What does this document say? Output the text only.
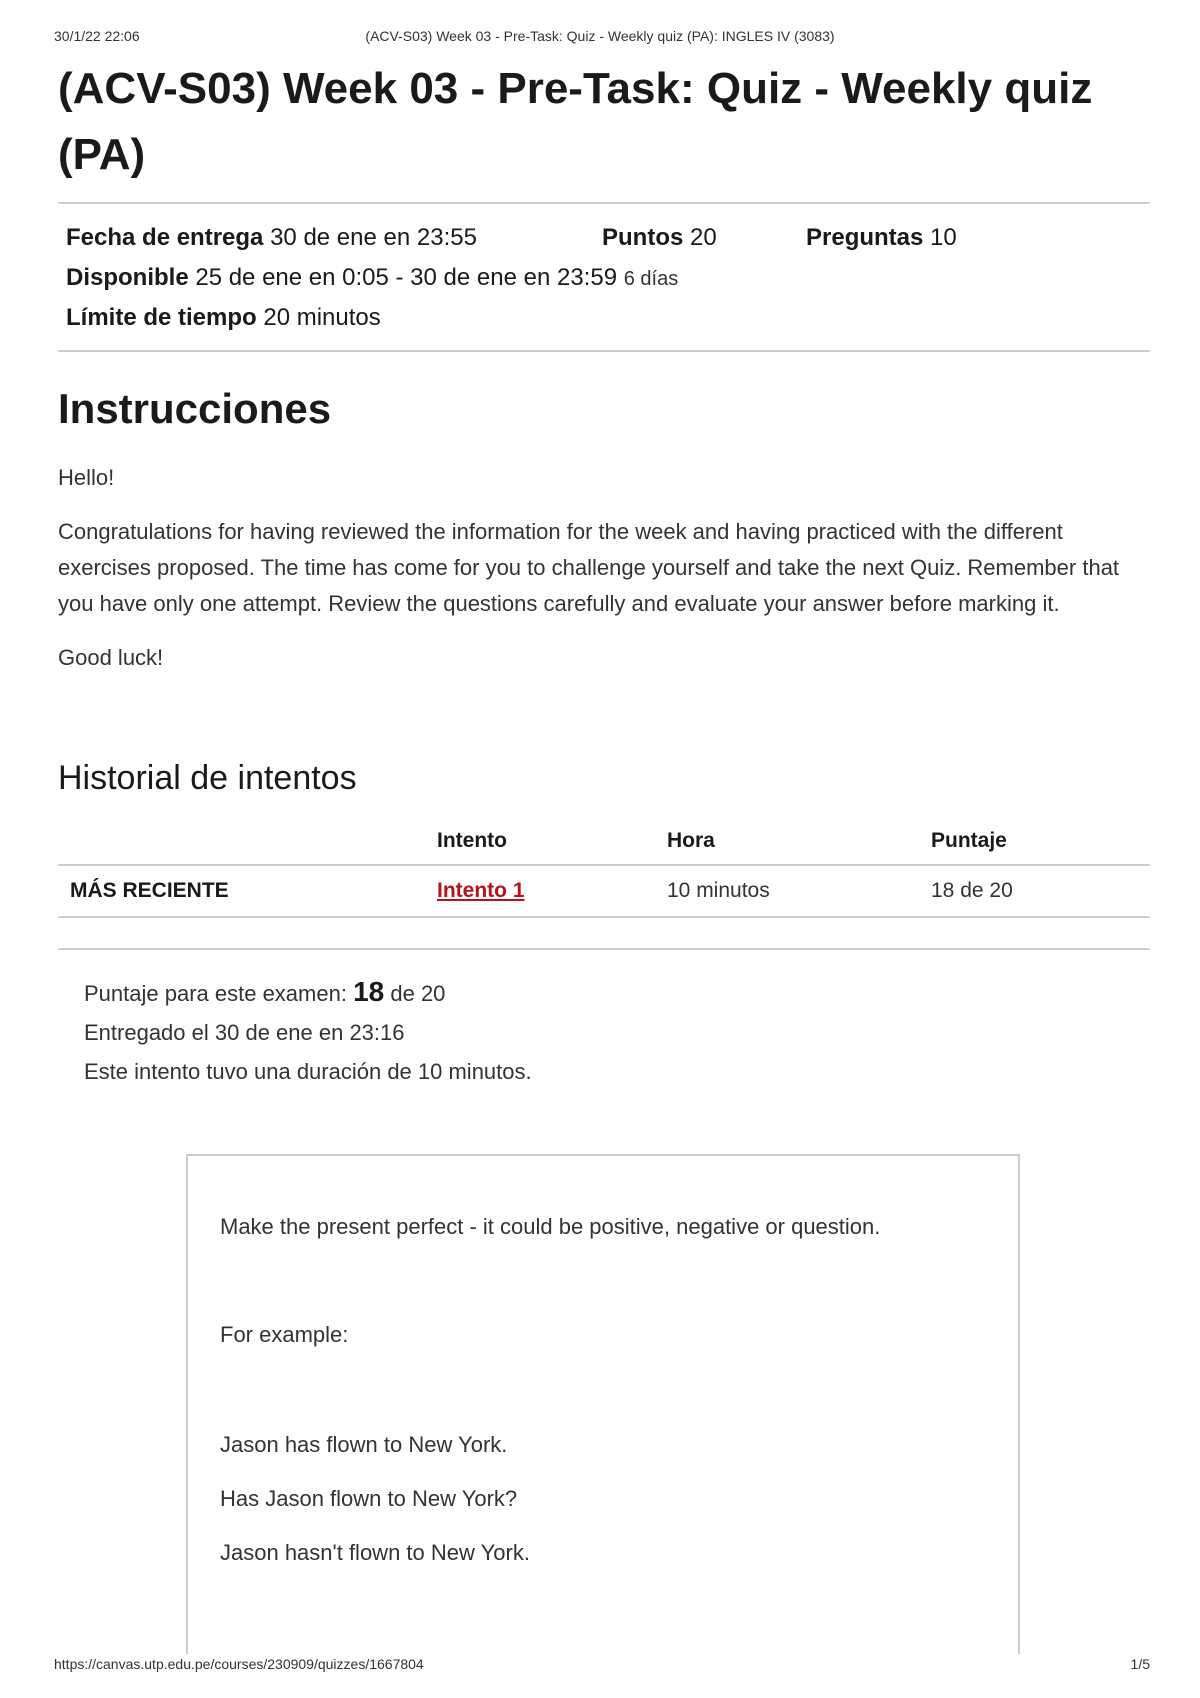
30/1/22 22:06	(ACV-S03) Week 03 - Pre-Task: Quiz - Weekly quiz (PA): INGLES IV (3083)
(ACV-S03) Week 03 - Pre-Task: Quiz - Weekly quiz (PA)
Fecha de entrega 30 de ene en 23:55	Puntos 20	Preguntas 10
Disponible 25 de ene en 0:05 - 30 de ene en 23:59 6 días
Límite de tiempo 20 minutos
Instrucciones

Hello!

Congratulations for having reviewed the information for the week and having practiced with the different exercises proposed. The time has come for you to challenge yourself and take the next Quiz. Remember that you have only one attempt. Review the questions carefully and evaluate your answer before marking it.

Good luck!

Historial de intentos
	Intento	Hora	Puntaje
MÁS RECIENTE	Intento 1	10 minutos	18 de 20
Puntaje para este examen: 18 de 20
Entregado el 30 de ene en 23:16
Este intento tuvo una duración de 10 minutos.

Make the present perfect - it could be positive, negative or question.

For example:

Jason has flown to New York.

Has Jason flown to New York?

Jason hasn't flown to New York.

https://canvas.utp.edu.pe/courses/230909/quizzes/1667804	1/5
